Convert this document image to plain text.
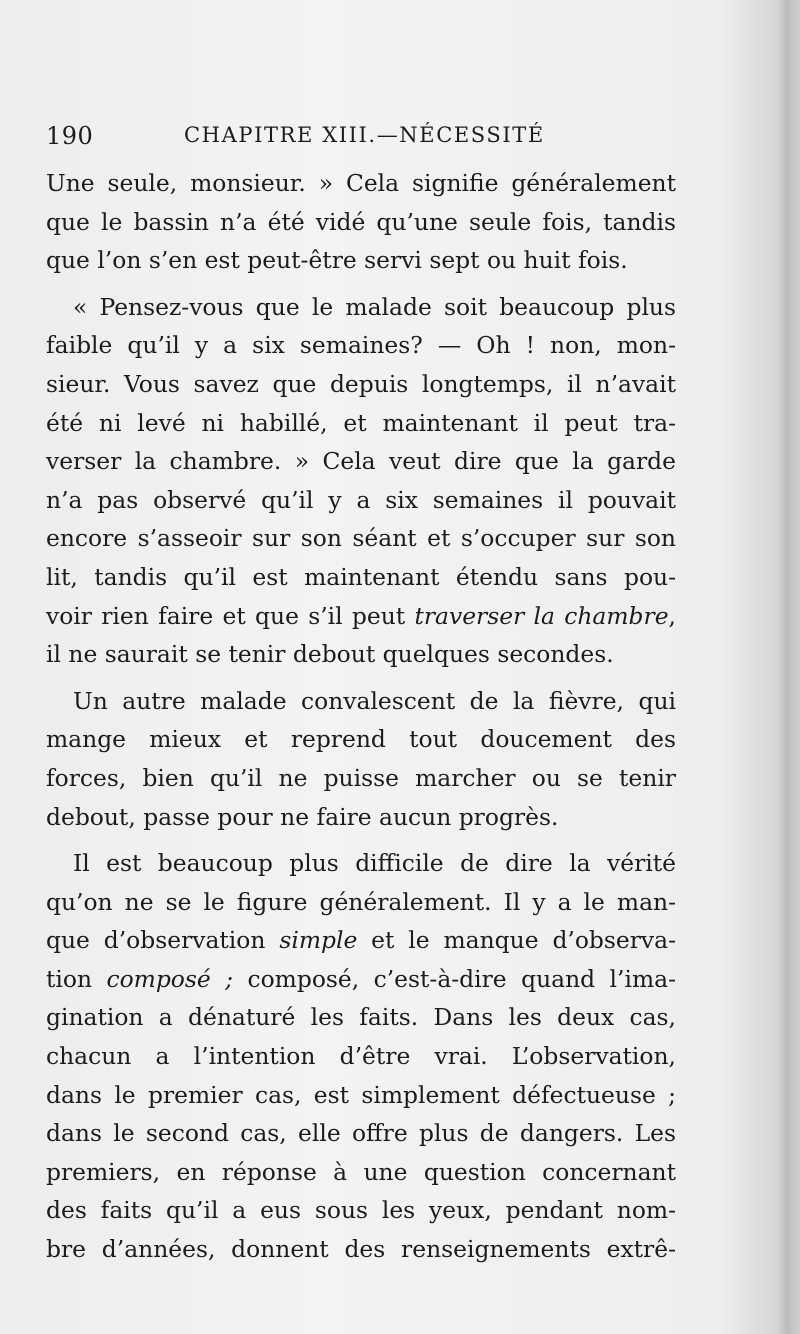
190	CHAPITRE XIII.—NÉCESSITÉ
Une seule, monsieur. » Cela signifie généralement
que le bassin n’a été vidé qu’une seule fois, tandis
que l’on s’en est peut-être servi sept ou huit fois.
« Pensez-vous que le malade soit beaucoup plus
faible qu’il y a six semaines? — Oh ! non, mon-
sieur. Vous savez que depuis longtemps, il n’avait
été ni levé ni habillé, et maintenant il peut tra-
verser la chambre. » Cela veut dire que la garde
n’a pas observé qu’il y a six semaines il pouvait
encore s’asseoir sur son séant et s’occuper sur son
lit, tandis qu’il est maintenant étendu sans pou-
voir rien faire et que s’il peut traverser la chambre,
il ne saurait se tenir debout quelques secondes.
Un autre malade convalescent de la fièvre, qui
mange mieux et reprend tout doucement des
forces, bien qu’il ne puisse marcher ou se tenir
debout, passe pour ne faire aucun progrès.
Il est beaucoup plus difficile de dire la vérité
qu’on ne se le figure généralement. Il y a le man-
que d’observation simple et le manque d’observa-
tion composé ; composé, c’est-à-dire quand l’ima-
gination a dénaturé les faits. Dans les deux cas,
chacun a l’intention d’être vrai. L’observation,
dans le premier cas, est simplement défectueuse ;
dans le second cas, elle offre plus de dangers. Les
premiers, en réponse à une question concernant
des faits qu’il a eus sous les yeux, pendant nom-
bre d’années, donnent des renseignements extrê-
